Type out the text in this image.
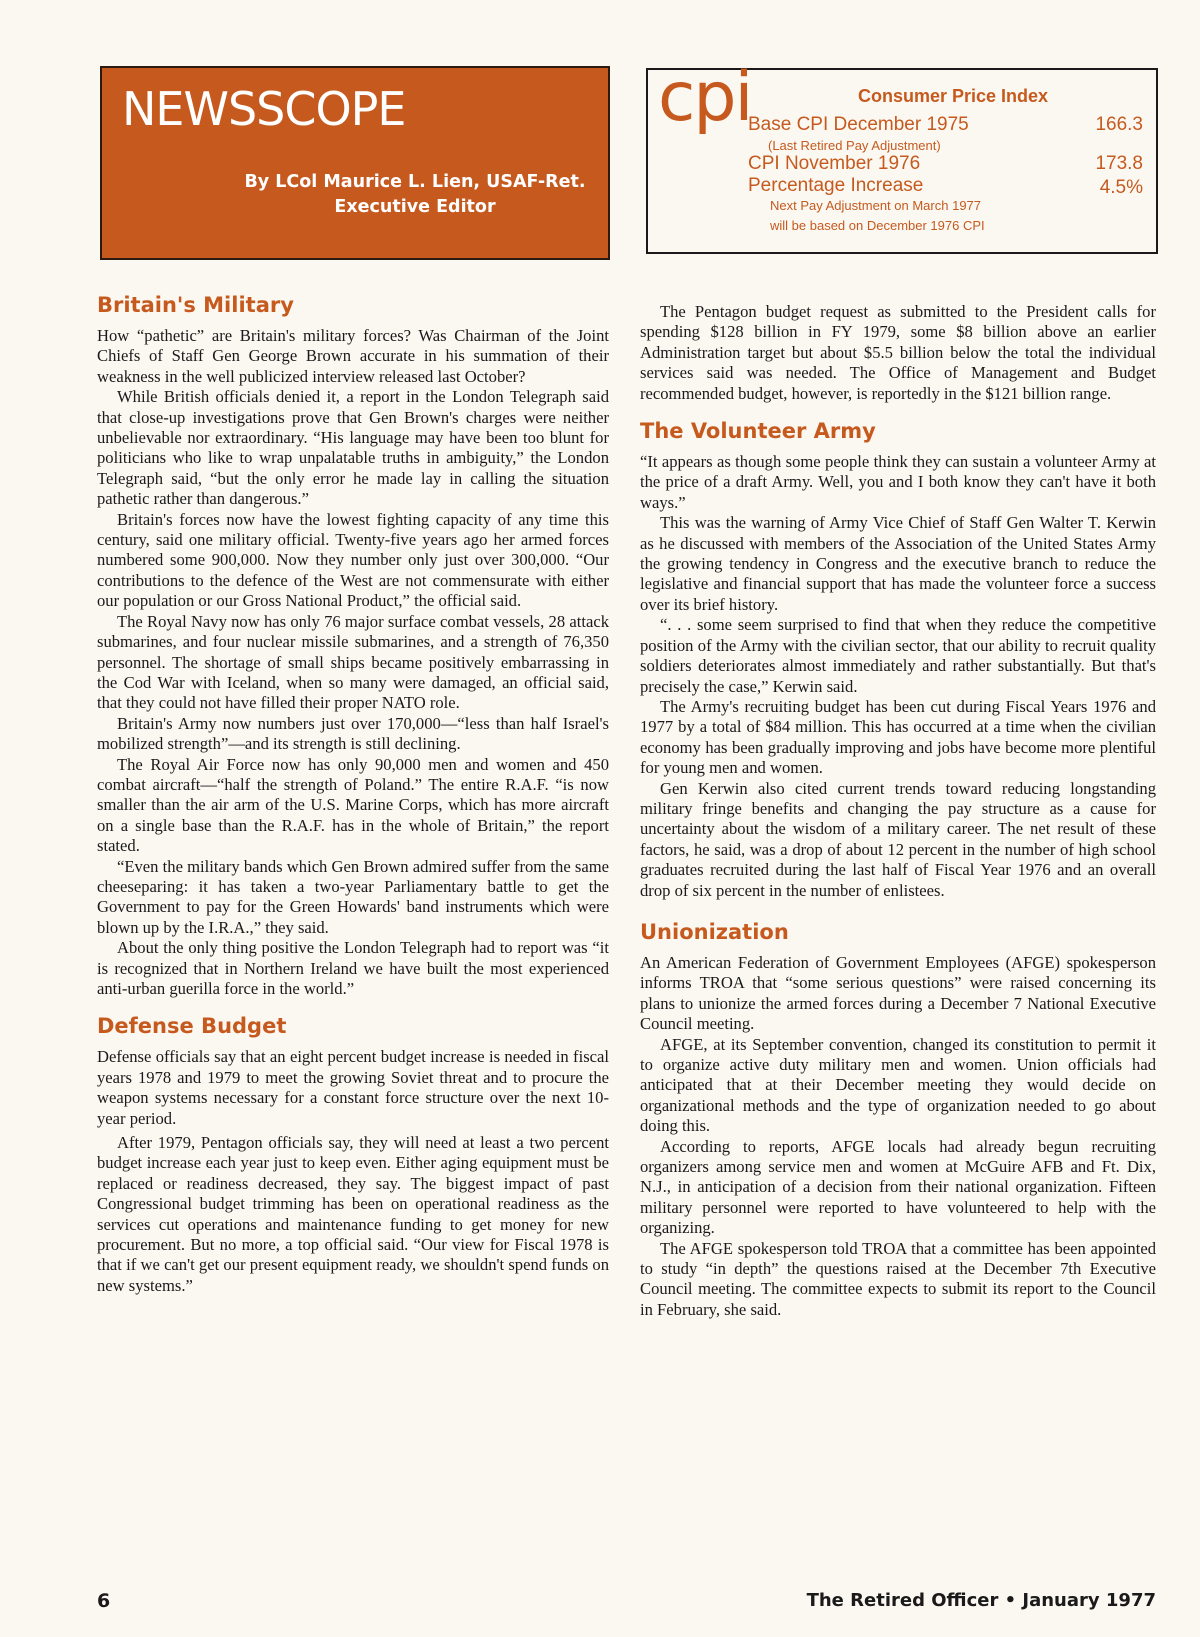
NEWSSCOPE
By LCol Maurice L. Lien, USAF-Ret.
Executive Editor
cpi	Consumer Price Index
Base CPI December 1975	166.3
(Last Retired Pay Adjustment)
CPI November 1976	173.8
Percentage Increase	4.5%
Next Pay Adjustment on March 1977
will be based on December 1976 CPI
Britain's Military

How “pathetic” are Britain's military forces? Was Chairman of the Joint Chiefs of Staff Gen George Brown accurate in his summation of their weakness in the well publicized interview released last October?

While British officials denied it, a report in the London Telegraph said that close-up investigations prove that Gen Brown's charges were neither unbelievable nor extraordinary. “His language may have been too blunt for politicians who like to wrap unpalatable truths in ambiguity,” the London Telegraph said, “but the only error he made lay in calling the situation pathetic rather than dangerous.”

Britain's forces now have the lowest fighting capacity of any time this century, said one military official. Twenty-five years ago her armed forces numbered some 900,000. Now they number only just over 300,000. “Our contributions to the defence of the West are not commensurate with either our population or our Gross National Product,” the official said.

The Royal Navy now has only 76 major surface combat vessels, 28 attack submarines, and four nuclear missile submarines, and a strength of 76,350 personnel. The shortage of small ships became positively embarrassing in the Cod War with Iceland, when so many were damaged, an official said, that they could not have filled their proper NATO role.

Britain's Army now numbers just over 170,000—“less than half Israel's mobilized strength”—and its strength is still declining.

The Royal Air Force now has only 90,000 men and women and 450 combat aircraft—“half the strength of Poland.” The entire R.A.F. “is now smaller than the air arm of the U.S. Marine Corps, which has more aircraft on a single base than the R.A.F. has in the whole of Britain,” the report stated.

“Even the military bands which Gen Brown admired suffer from the same cheeseparing: it has taken a two-year Parliamentary battle to get the Government to pay for the Green Howards' band instruments which were blown up by the I.R.A.,” they said.

About the only thing positive the London Telegraph had to report was “it is recognized that in Northern Ireland we have built the most experienced anti-urban guerilla force in the world.”

Defense Budget

Defense officials say that an eight percent budget increase is needed in fiscal years 1978 and 1979 to meet the growing Soviet threat and to procure the weapon systems necessary for a constant force structure over the next 10-year period.

After 1979, Pentagon officials say, they will need at least a two percent budget increase each year just to keep even. Either aging equipment must be replaced or readiness decreased, they say. The biggest impact of past Congressional budget trimming has been on operational readiness as the services cut operations and maintenance funding to get money for new procurement. But no more, a top official said. “Our view for Fiscal 1978 is that if we can't get our present equipment ready, we shouldn't spend funds on new systems.”

The Pentagon budget request as submitted to the President calls for spending $128 billion in FY 1979, some $8 billion above an earlier Administration target but about $5.5 billion below the total the individual services said was needed. The Office of Management and Budget recommended budget, however, is reportedly in the $121 billion range.

The Volunteer Army

“It appears as though some people think they can sustain a volunteer Army at the price of a draft Army. Well, you and I both know they can't have it both ways.”

This was the warning of Army Vice Chief of Staff Gen Walter T. Kerwin as he discussed with members of the Association of the United States Army the growing tendency in Congress and the executive branch to reduce the legislative and financial support that has made the volunteer force a success over its brief history.

“. . . some seem surprised to find that when they reduce the competitive position of the Army with the civilian sector, that our ability to recruit quality soldiers deteriorates almost immediately and rather substantially. But that's precisely the case,” Kerwin said.

The Army's recruiting budget has been cut during Fiscal Years 1976 and 1977 by a total of $84 million. This has occurred at a time when the civilian economy has been gradually improving and jobs have become more plentiful for young men and women.

Gen Kerwin also cited current trends toward reducing longstanding military fringe benefits and changing the pay structure as a cause for uncertainty about the wisdom of a military career. The net result of these factors, he said, was a drop of about 12 percent in the number of high school graduates recruited during the last half of Fiscal Year 1976 and an overall drop of six percent in the number of enlistees.

Unionization

An American Federation of Government Employees (AFGE) spokesperson informs TROA that “some serious questions” were raised concerning its plans to unionize the armed forces during a December 7 National Executive Council meeting.

AFGE, at its September convention, changed its constitution to permit it to organize active duty military men and women. Union officials had anticipated that at their December meeting they would decide on organizational methods and the type of organization needed to go about doing this.

According to reports, AFGE locals had already begun recruiting organizers among service men and women at McGuire AFB and Ft. Dix, N.J., in anticipation of a decision from their national organization. Fifteen military personnel were reported to have volunteered to help with the organizing.

The AFGE spokesperson told TROA that a committee has been appointed to study “in depth” the questions raised at the December 7th Executive Council meeting. The committee expects to submit its report to the Council in February, she said.

6	The Retired Officer • January 1977
